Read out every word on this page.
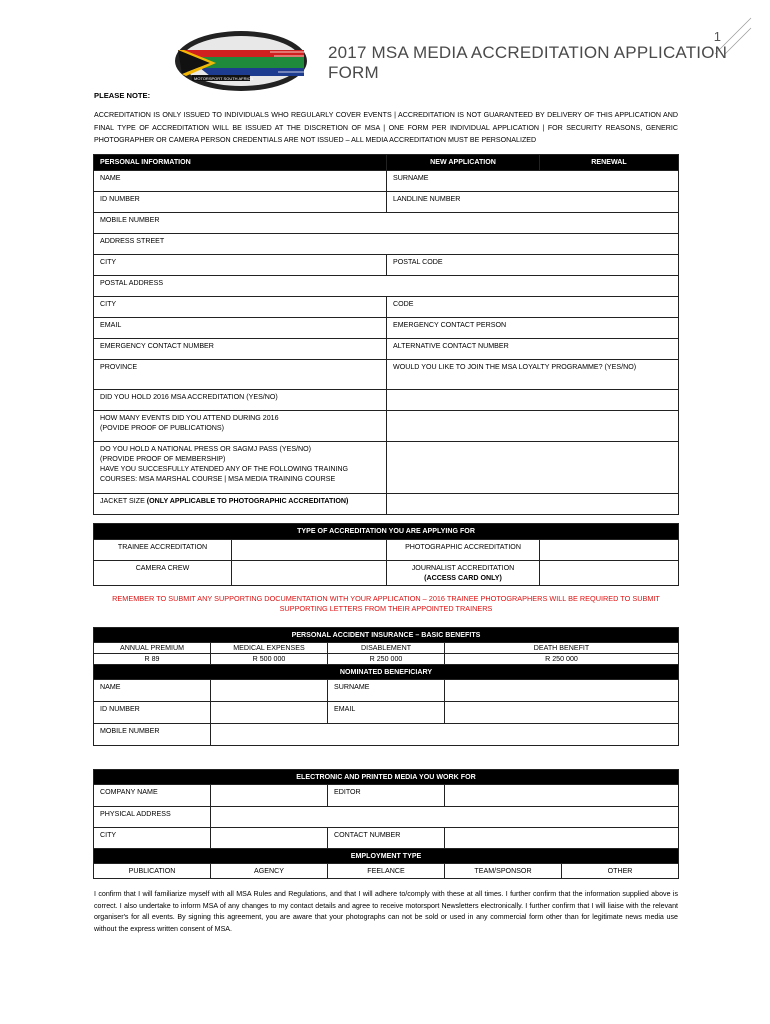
1
MOTORSPORT SOUTH AFRICA
2017 MSA MEDIA ACCREDITATION APPLICATION FORM
PLEASE NOTE:
ACCREDITATION IS ONLY ISSUED TO INDIVIDUALS WHO REGULARLY COVER EVENTS | ACCREDITATION IS NOT GUARANTEED BY DELIVERY OF THIS APPLICATION AND FINAL TYPE OF ACCREDITATION WILL BE ISSUED AT THE DISCRETION OF MSA | ONE FORM PER INDIVIDUAL APPLICATION | FOR SECURITY REASONS, GENERIC PHOTOGRAPHER OR CAMERA PERSON CREDENTIALS ARE NOT ISSUED – ALL MEDIA ACCREDITATION MUST BE PERSONALIZED
PERSONAL INFORMATION	NEW APPLICATION	RENEWAL
NAME	SURNAME	
ID NUMBER	LANDLINE NUMBER	
MOBILE NUMBER		
ADDRESS STREET		
CITY	POSTAL CODE	
POSTAL ADDRESS		
CITY	CODE	
EMAIL	EMERGENCY CONTACT PERSON	
EMERGENCY CONTACT NUMBER	ALTERNATIVE CONTACT NUMBER	
PROVINCE	WOULD YOU LIKE TO JOIN THE MSA LOYALTY PROGRAMME? (YES/NO)	
DID YOU HOLD 2016 MSA ACCREDITATION (YES/NO)		

HOW MANY EVENTS DID YOU ATTEND DURING 2016
(POVIDE PROOF OF PUBLICATIONS)		

DO YOU HOLD A NATIONAL PRESS OR SAGMJ PASS (YES/NO)
(PROVIDE PROOF OF MEMBERSHIP)
HAVE YOU SUCCESFULLY ATENDED ANY OF THE FOLLOWING TRAINING
COURSES: MSA MARSHAL COURSE | MSA MEDIA TRAINING COURSE		

JACKET SIZE (ONLY APPLICABLE TO PHOTOGRAPHIC ACCREDITATION)		
TYPE OF ACCREDITATION YOU ARE APPLYING FOR			
TRAINEE ACCREDITATION		PHOTOGRAPHIC ACCREDITATION	
CAMERA CREW		JOURNALIST ACCREDITATION
(ACCESS CARD ONLY)	

REMEMBER TO SUBMIT ANY SUPPORTING DOCUMENTATION WITH YOUR APPLICATION – 2016 TRAINEE PHOTOGRAPHERS WILL BE REQUIRED TO SUBMIT SUPPORTING LETTERS FROM THEIR APPOINTED TRAINERS
PERSONAL ACCIDENT INSURANCE – BASIC BENEFITS			
ANNUAL PREMIUM	MEDICAL EXPENSES	DISABLEMENT	DEATH BENEFIT
R 89	R 500 000	R 250 000	R 250 000
NOMINATED BENEFICIARY			
NAME		SURNAME	
ID NUMBER		EMAIL	
MOBILE NUMBER			
ELECTRONIC AND PRINTED MEDIA YOU WORK FOR				
COMPANY NAME		EDITOR		
PHYSICAL ADDRESS				
CITY		CONTACT NUMBER		
EMPLOYMENT TYPE				
PUBLICATION	AGENCY	FEELANCE	TEAM/SPONSOR	OTHER
I confirm that I will familiarize myself with all MSA Rules and Regulations, and that I will adhere to/comply with these at all times. I further confirm that the information supplied above is correct. I also undertake to inform MSA of any changes to my contact details and agree to receive motorsport Newsletters electronically. I further confirm that I will liaise with the relevant organiser's for all events. By signing this agreement, you are aware that your photographs can not be sold or used in any commercial form other than for legitimate news media use without the express written consent of MSA.
